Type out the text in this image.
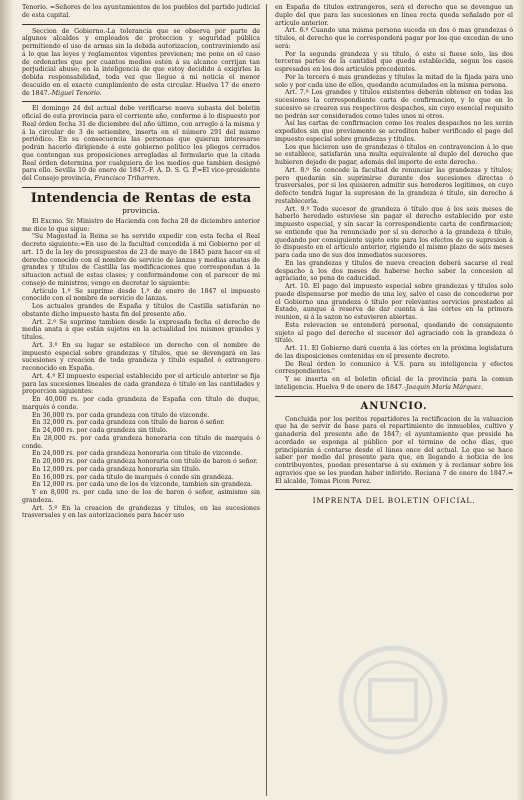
Tenorio. =Señores de los ayuntamientos de los pueblos del partido judicial de esta capital.

Seccion de Gobierno.-La tolerancia que se observa por parte de algunos alcaldes y empleados de proteccion y seguridad pública permitiendo el uso de armas sin la debida autorizacion, contraviniendo así á lo que las leyes y reglamentos vigentes previenen; me pone en el caso de ordenarles que por cuantos medios estén á su alcance corrijan tan perjudicial abuso; en la inteligencia de que estoy decidido á exigirles la debida responsabilidad, toda vez que llegue á mi noticia el menor descuido en el exacto cumplimiento de esta circular. Huelva 17 de enero de 1847.-Miguel Tenorio.

El domingo 24 del actual debe verificarse nueva subasta del boletin oficial de esta provincia para el corriente año, conforme á lo dispuesto por Real órden fecha 31 de diciembre del año último, con arreglo á la misma y á la circular de 3 de setiembre, inserta en el número 291 del mismo periódico. En su consecuencia las personas que quieran interesarse podrán hacerlo dirigiendo á este gobierno político los pliegos cerrados que contengan sus proposiciones arregladas al formulario que la citada Real órden determina por cualquiera de los medios que tambien designó para ello. Sevilla 10 de enero de 1847.-F. A. D. S. G. P.=El vice-presidente del Consejo provincia, Francisco Tribarren.

Intendencia de Rentas de esta
provincia.

El Excmo. Sr. Ministro de Hacienda con fecha 28 de diciembre anterior me dice lo que sigue:

"Su Magestad la Reina se ha servido expedir con esta fecha el Real decreto siguiente:=En uso de la facultad concedida á mi Gobierno por el art. 15 de la ley de presupuestos de 23 de mayo de 1845 para hacer en el derecho conocido con el nombre de servicio de lanzas y medias anatas de grandes y títulos de Castilla las modificaciones que correspondan á la situacion actual de estas clases; y conformándome con el parecer de mi consejo de ministros, vengo en decretar lo siguiente:

Artículo 1.º Se suprime desde 1.º de enero de 1847 el impuesto conocido con el nombre de servicio de lanzas.

Los actuales grandes de España y títulos de Castilla satisfarán no obstante dicho impuesto hasta fin del presente año.

Art. 2.º Se suprime tambien desde la expresada fecha el derecho de media anata á que están sujetos en la actualidad los mismos grandes y títulos.

Art. 3.º En su lugar se establece un derecho con el nombre de impuesto especial sobre grandezas y títulos, que se devengará en las sucesiones y creacion de toda grandeza y título español ó extrangero reconocido en España.

Art. 4.º El impuesto especial establecido por el artículo anterior se fija para las sucesiones lineales de cada grandeza ó título en las cantidades y proporcion siguientes:

En 40,000 rs. por cada grandeza de España con título de duque, marqués ó conde.

En 36,000 rs. por cada grandeza con título de vizconde.

En 32,000 rs. por cada grandeza con título de baron ó señor.

En 24,000 rs. por cada grandeza sin título.

En 28,000 rs. por cada grandeza honoraria con título de marqués ó conde.

En 24,000 rs. por cada grandeza honoraria con título de vizconde.

En 20,000 rs. por cada grandeza honoraria con título de baron ó señor.

En 12,000 rs. por cada grandeza honoraria sin título.

En 16,000 rs. por cada título de marqués ó conde sin grandeza.

En 12,000 rs. por cada uno de los de vizconde, tambien sin grandeza.

Y en 8,000 rs. por cada uno de los de baron ó señor, asimismo sin grandeza.

Art. 5.º En la creacion de grandezas y títulos, en las sucesiones trasversales y en las autorizaciones para hacer uso

en España de títulos extrangeros, será el derecho que se devengue un duplo del que para las sucesiones en línea recta queda señalado por el artículo anterior.

Art. 6.º Cuando una misma persona suceda en dos ó mas grandezas ó títulos, el derecho que le corresponderá pagar por los que excedan de uno será:

Por la segunda grandeza y su título, ó este si fuese solo, las dos terceras partes de la cantidad que queda establecida, segun los casos espresados en los dos artículos precedentes.

Por la tercera ó mas grandezas y títulos la mitad de la fijada para uno solo y por cada uno de ellos, quedando acumulados en la misma persona.

Art. 7.º Los grandes y títulos existentes deberán obtener en todas las sucesiones la correspondiente carta de confirmacion, y lo que en lo sucesivo se crearen sus respectivos despachos, sin cuyo esencial requisito no podrán ser considerados como tales unos ni otros.

Así las cartas de confirmacion como los reales despachos no les serán expedidos sin que previamente se acrediten haber verificado el pago del impuesto especial sobre grandezas y títulos.

Los que hicieren uso de grandezas ó títulos en contravencion á lo que se establece, satisfarán una multa equivalente al duplo del derecho que hubieren dejado de pagar, además del importe de este derecho.

Art. 8.º Se concede la facultad de renunciar las grandezas y títulos; pero quedarán sin suprimirse durante dos sucesiones directas ó trasversales, por si los quisieren admitir sus herederos legítimos, en cuyo defecto tendrá lugar la supresion de la grandeza ó título, sin derecho á restablecerla.

Art. 9.º Todo sucesor de grandeza ó título que á los seis meses de haberlo heredado estuviese sin pagar el derecho establecido por este impuesto especial, y sin sacar la correspondiente carta de confirmacion; se entiende que ha renunciado por sí su derecho á la grandeza ó título, quedando por consiguiente sujeto este para los efectos de su supresion á lo dispuesto en el artículo anterior, rigiendo el mismo plazo de seis meses para cada uno de sus dos inmediatos sucesores.

En las grandezas y títulos de nueva creacion deberá sacarse el real despacho á los dos meses de haberse hecho saber la concesion al agraciado, so pena de caducidad.

Art. 10. El pago del impuesto especial sobre grandezas y títulos solo puede dispensarse por medio de una ley, salvo el caso de concederse por el Gobierno una grandeza ó título por relevantes servicios prestados al Estado, aunque á reserva de dar cuenta á las córtes en la primera reunion, si á la sazon no estuvieren abiertas.

Esta relevacion se entenderá personal, quedando de consiguiente sujeto al pago del derecho el sucesor del agraciado con la grandeza ó título.

Art. 11. El Gobierno dará cuenta á las córtes en la próxima legislatura de las disposiciones contenidas en el presente decreto.

De Real órden lo comunico á V.S. para su inteligencia y efectos correspondientes."

Y se inserta en el boletin oficial de la provincia para la comun inteligencia. Huelva 9 de enero de 1847.-Joaquin María Márquez.

ANUNCIO.

Concluida por los peritos repartidores la rectificacion de la valuacion que ha de servir de base para el repartimiento de inmuebles, cultivo y ganadería del presente año de 1847; el ayuntamiento que preside ha acordado se esponga al público por el término de ocho días, que principiarán á contarse desde el lúnes once del actual. Lo que se hace saber por medio del presente para que, en llegando á noticia de los contribuyentes, puedan presentarse á su exámen y á reclamar sobre los agravios que se les puedan haber inferido. Rociana 7 de enero de 1847.= El alcalde, Tomas Picon Perez.

IMPRENTA DEL BOLETIN OFICIAL.
